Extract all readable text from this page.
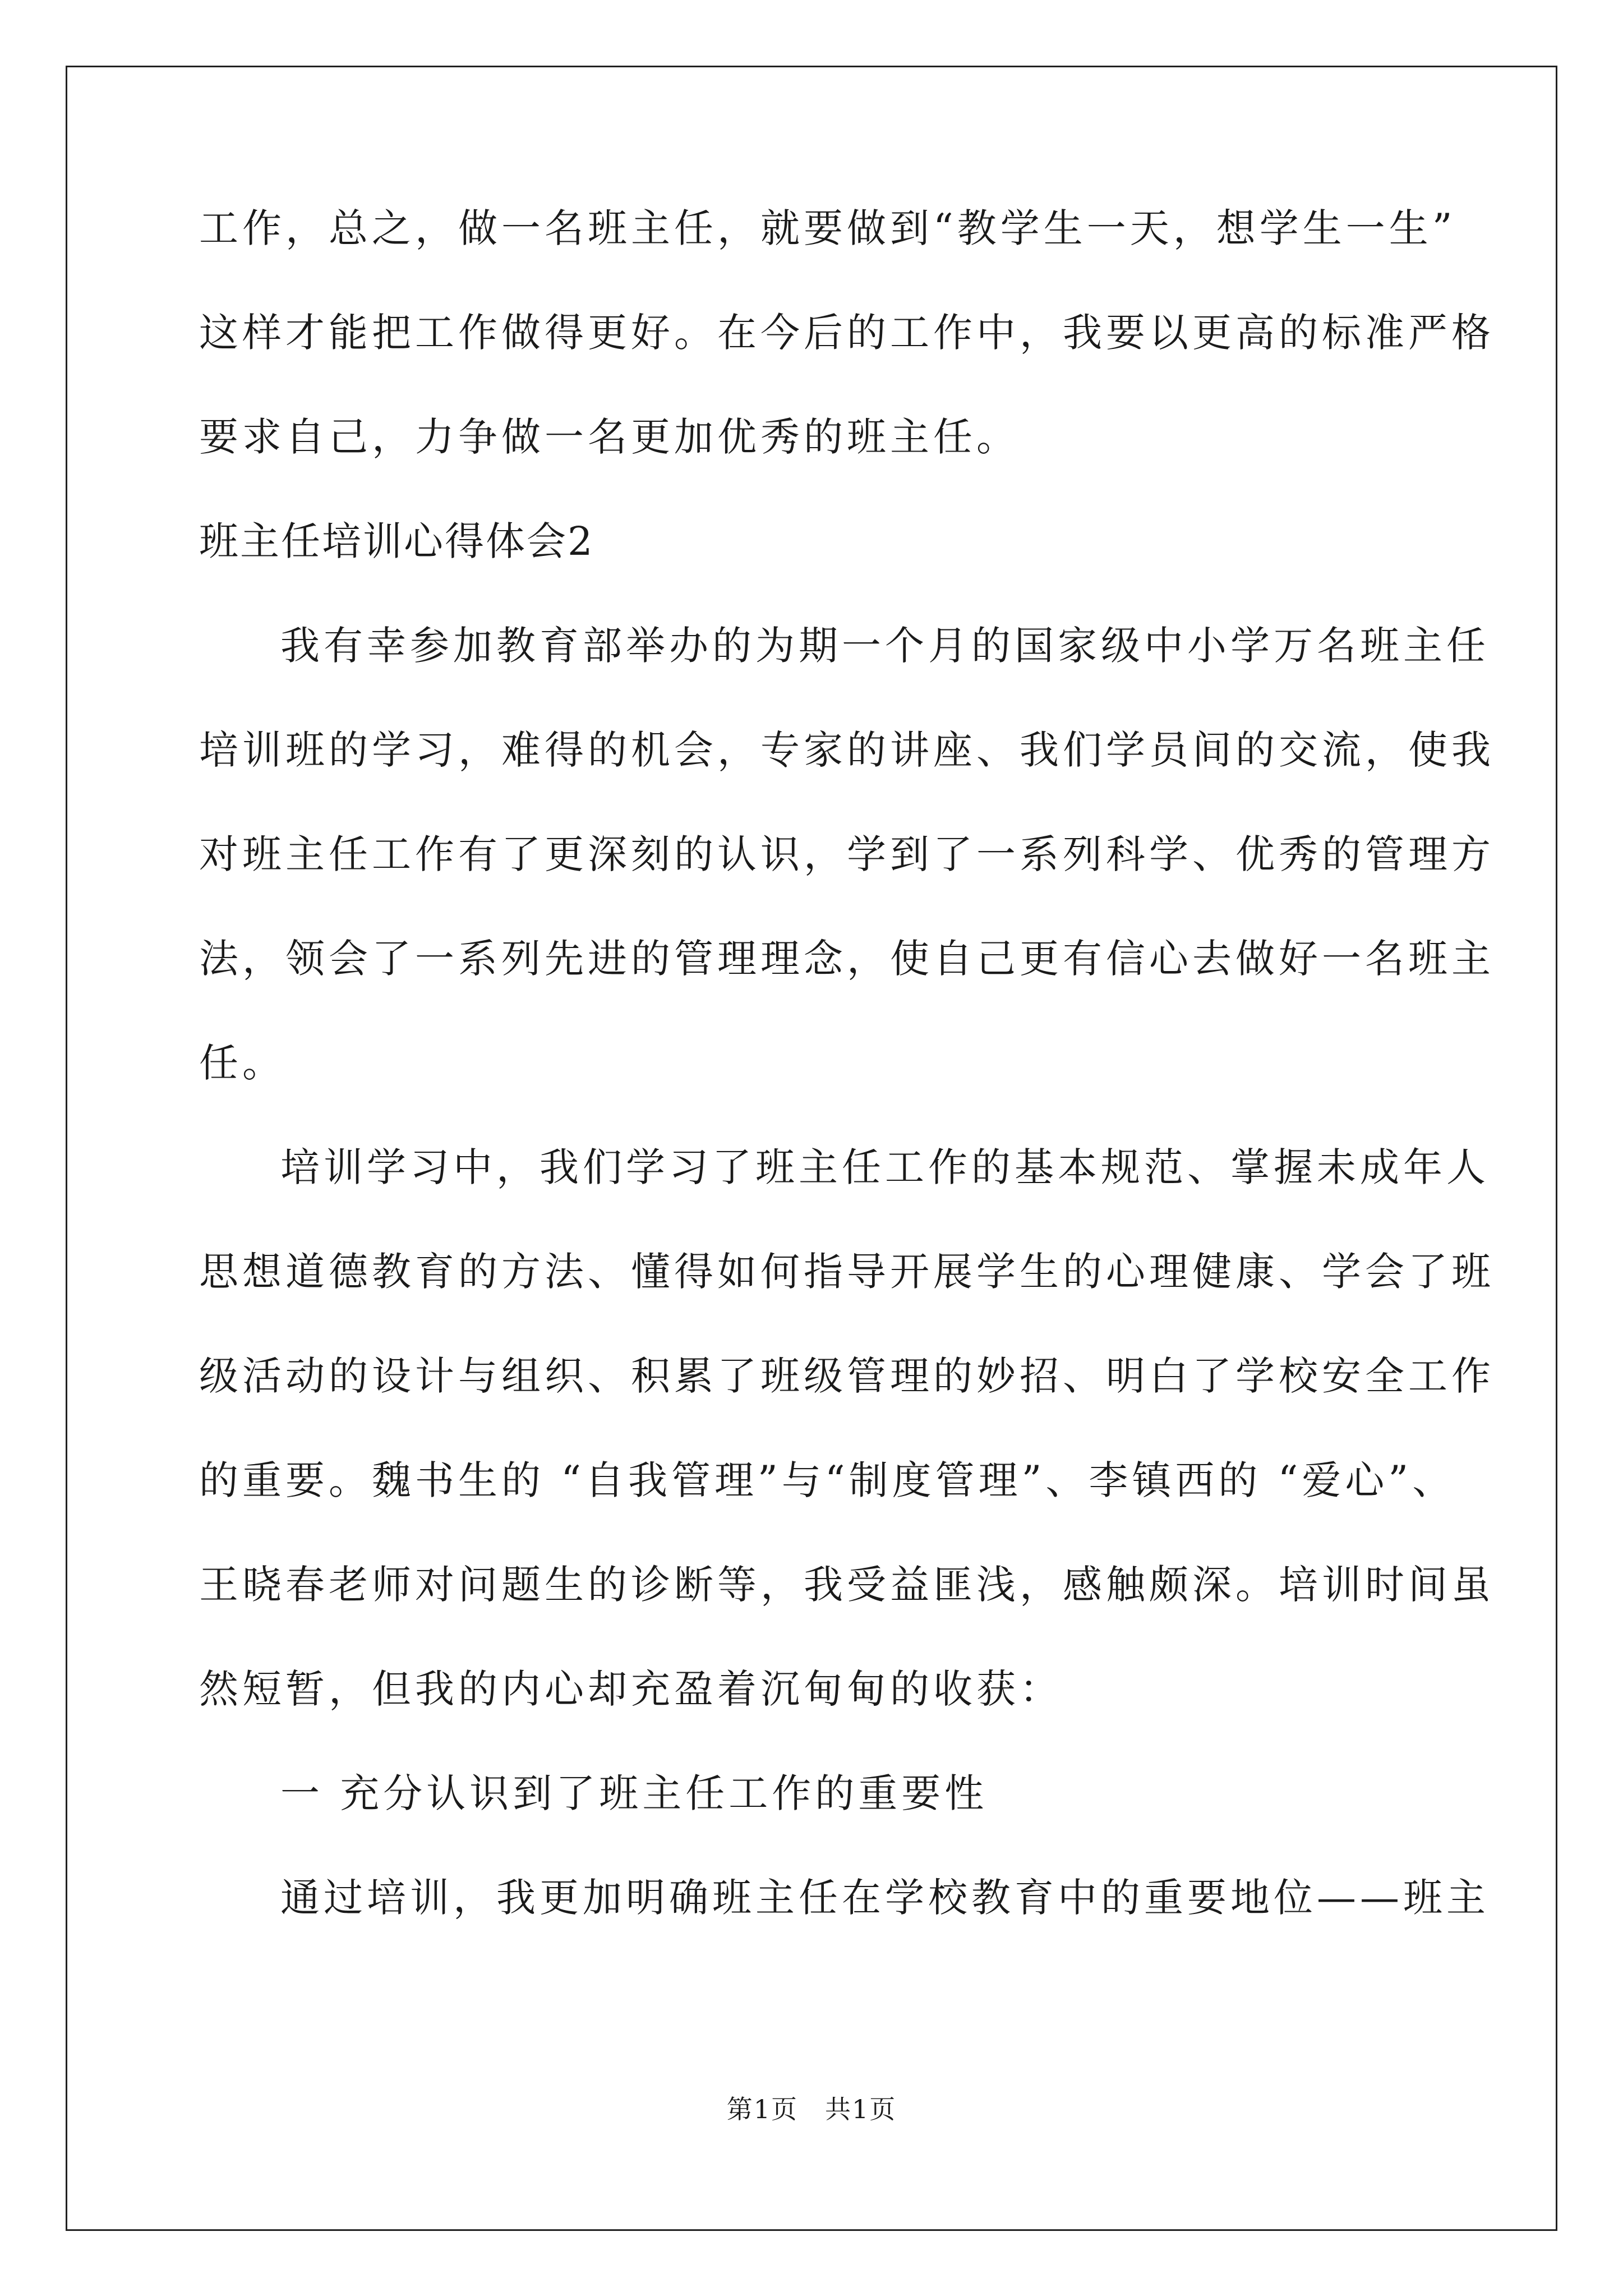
工作，总之，做一名班主任，就要做到“教学生一天，想学生一生”
这样才能把工作做得更好。在今后的工作中，我要以更高的标准严格
要求自己，力争做一名更加优秀的班主任。
班主任培训心得体会2
我有幸参加教育部举办的为期一个月的国家级中小学万名班主任
培训班的学习，难得的机会，专家的讲座、我们学员间的交流，使我
对班主任工作有了更深刻的认识，学到了一系列科学、优秀的管理方
法，领会了一系列先进的管理理念，使自己更有信心去做好一名班主
任。
培训学习中，我们学习了班主任工作的基本规范、掌握未成年人
思想道德教育的方法、懂得如何指导开展学生的心理健康、学会了班
级活动的设计与组织、积累了班级管理的妙招、明白了学校安全工作
的重要。魏书生的 “自我管理”与“制度管理”、李镇西的 “爱心”、
王晓春老师对问题生的诊断等，我受益匪浅，感触颇深。培训时间虽
然短暂，但我的内心却充盈着沉甸甸的收获：
一 充分认识到了班主任工作的重要性
通过培训，我更加明确班主任在学校教育中的重要地位——班主
第1页　共1页
